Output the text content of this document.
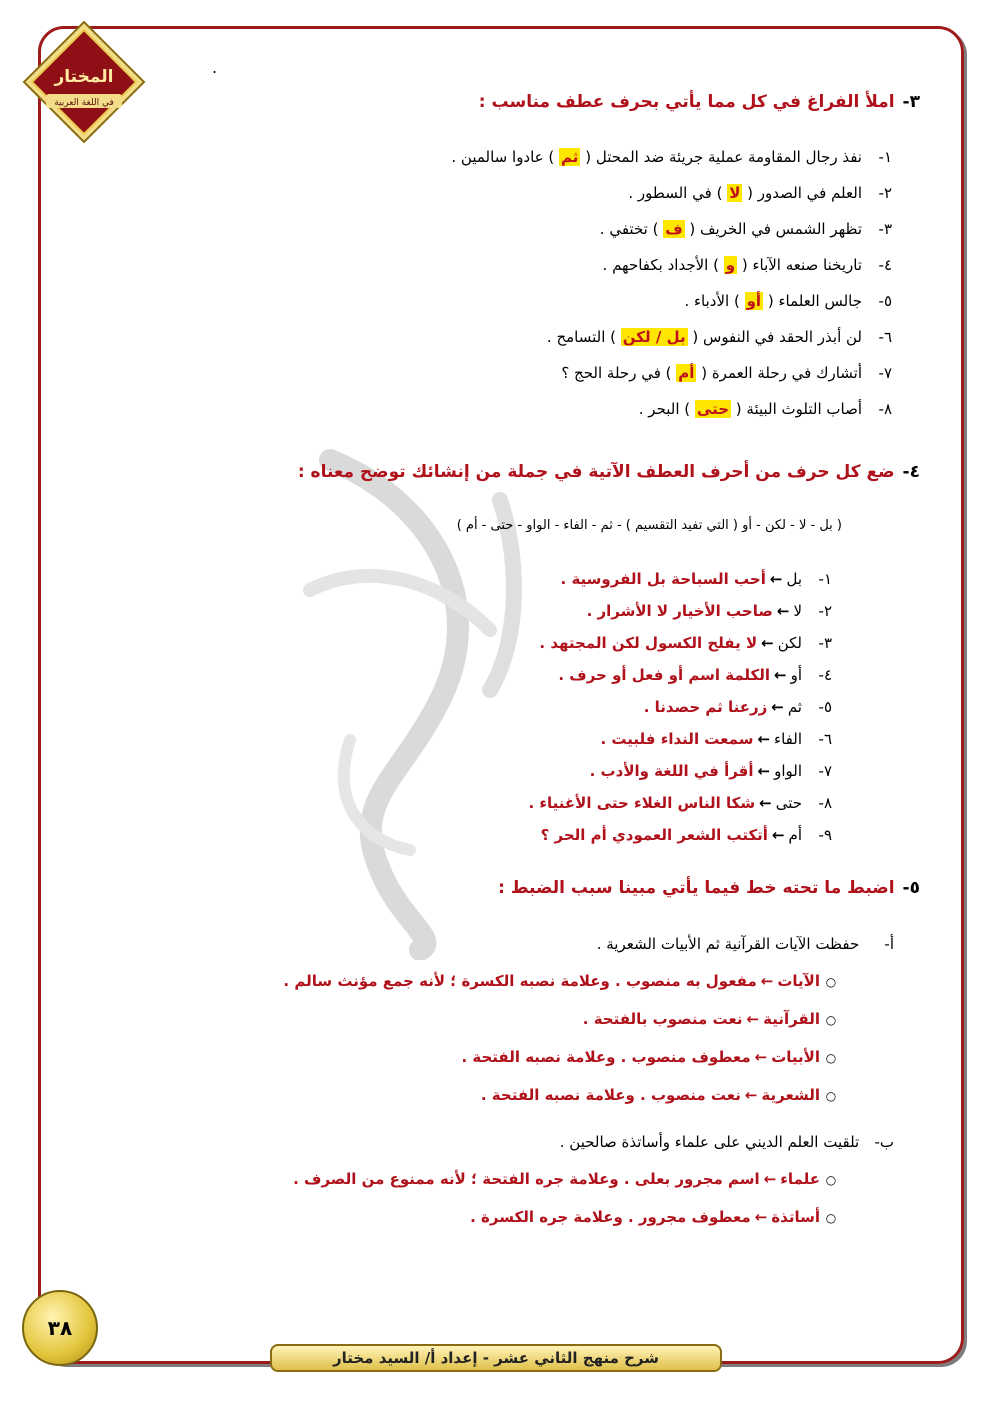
المختار
في اللغة العربية
.
٣-املأ الفراغ في كل مما يأتي بحرف عطف مناسب :
١-نفذ رجال المقاومة عملية جريئة ضد المحتل ( ثم ) عادوا سالمين .
٢-العلم في الصدور ( لا ) في السطور .
٣-تظهر الشمس في الخريف ( ف ) تختفي .
٤-تاريخنا صنعه الآباء ( و ) الأجداد بكفاحهم .
٥-جالس العلماء ( أو ) الأدباء .
٦-لن أبذر الحقد في النفوس ( بل / لكن ) التسامح .
٧-أتشارك في رحلة العمرة ( أم ) في رحلة الحج ؟
٨-أصاب التلوث البيئة ( حتى ) البحر .
٤-ضع كل حرف من أحرف العطف الآتية في جملة من إنشائك توضح معناه :
( بل - لا - لكن - أو ( التي تفيد التقسيم ) - ثم - الفاء - الواو - حتى - أم )
١-بل←أحب السباحة بل الفروسية .
٢-لا←صاحب الأخيار لا الأشرار .
٣-لكن←لا يفلح الكسول لكن المجتهد .
٤-أو←الكلمة اسم أو فعل أو حرف .
٥-ثم←زرعنا ثم حصدنا .
٦-الفاء←سمعت النداء فلبيت .
٧-الواو←أقرأ في اللغة والأدب .
٨-حتى←شكا الناس الغلاء حتى الأغنياء .
٩-أم←أتكتب الشعر العمودي أم الحر ؟
٥-اضبط ما تحته خط فيما يأتي مبينا سبب الضبط :
أ- حفظت الآيات القرآنية ثم الأبيات الشعرية .
○الآيات←مفعول به منصوب . وعلامة نصبه الكسرة ؛ لأنه جمع مؤنث سالم .
○القرآنية←نعت منصوب بالفتحة .
○الأبيات←معطوف منصوب . وعلامة نصبه الفتحة .
○الشعرية←نعت منصوب . وعلامة نصبه الفتحة .
ب- تلقيت العلم الديني على علماء وأساتذة صالحين .
○علماء←اسم مجرور بعلى . وعلامة جره الفتحة ؛ لأنه ممنوع من الصرف .
○أساتذة←معطوف مجرور . وعلامة جره الكسرة .
٣٨
شرح منهج الثاني عشر - إعداد أ/ السيد مختار
